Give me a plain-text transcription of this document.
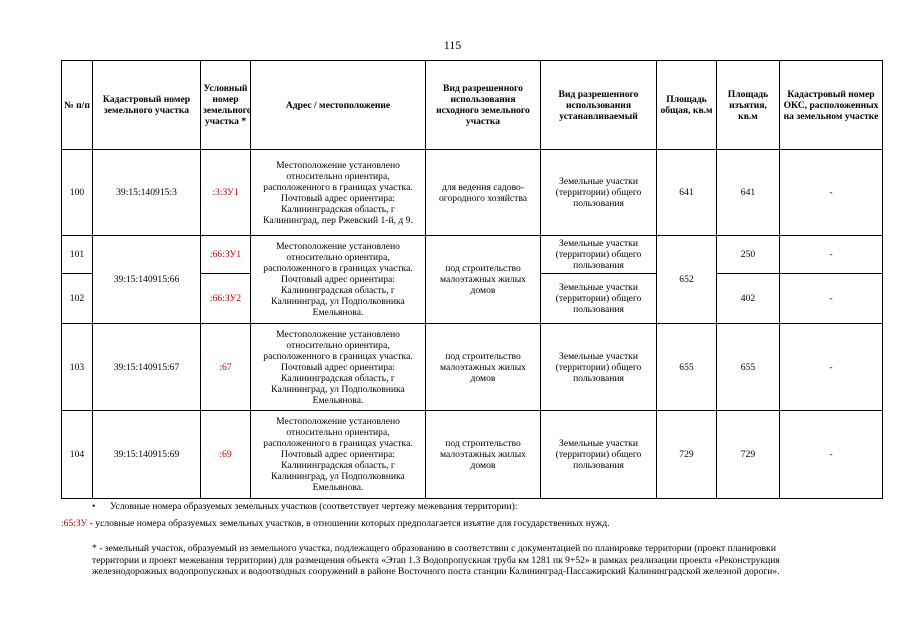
115
№ п/п	Кадастровый номер земельного участка	Условный номер земельного участка *	Адрес / местоположение	Вид разрешенного использования исходного земельного участка	Вид разрешенного использования устанавливаемый	Площадь общая, кв.м	Площадь изъятия, кв.м	Кадастровый номер ОКС, расположенных на земельном участке
100	39:15:140915:3	:3:ЗУ1	Местоположение установлено относительно ориентира, расположенного в границах участка. Почтовый адрес ориентира: Калининградская область, г Калининград, пер Ржевский 1-й, д 9.	для ведения садово-огородного хозяйства	Земельные участки (территории) общего пользования	641	641	-
101	39:15:140915:66	:66:ЗУ1	Местоположение установлено относительно ориентира, расположенного в границах участка. Почтовый адрес ориентира: Калининградская область, г Калининград, ул Подполковника Емельянова.	под строительство малоэтажных жилых домов	Земельные участки (территории) общего пользования	652	250	-
102		:66:ЗУ2			Земельные участки (территории) общего пользования		402	-
103	39:15:140915:67	:67	Местоположение установлено относительно ориентира, расположенного в границах участка. Почтовый адрес ориентира: Калининградская область, г Калининград, ул Подполковника Емельянова.	под строительство малоэтажных жилых домов	Земельные участки (территории) общего пользования	655	655	-
104	39:15:140915:69	:69	Местоположение установлено относительно ориентира, расположенного в границах участка. Почтовый адрес ориентира: Калининградская область, г Калининград, ул Подполковника Емельянова.	под строительство малоэтажных жилых домов	Земельные участки (территории) общего пользования	729	729	-
• Условные номера образуемых земельных участков (соответствует чертежу межевания территории):
:65:ЗУ - условные номера образуемых земельных участков, в отношении которых предполагается изъятие для государственных нужд.
* - земельный участок, образуемый из земельного участка, подлежащего образованию в соответствии с документацией по планировке территории (проект планировки территории и проект межевания территории) для размещения объекта «Этап 1.3 Водопропускная труба км 1281 пк 9+52» в рамках реализации проекта «Реконструкция железнодорожных водопропускных и водоотводных сооружений в районе Восточного поста станции Калининград-Пассажирский Калининградской железной дороги».
